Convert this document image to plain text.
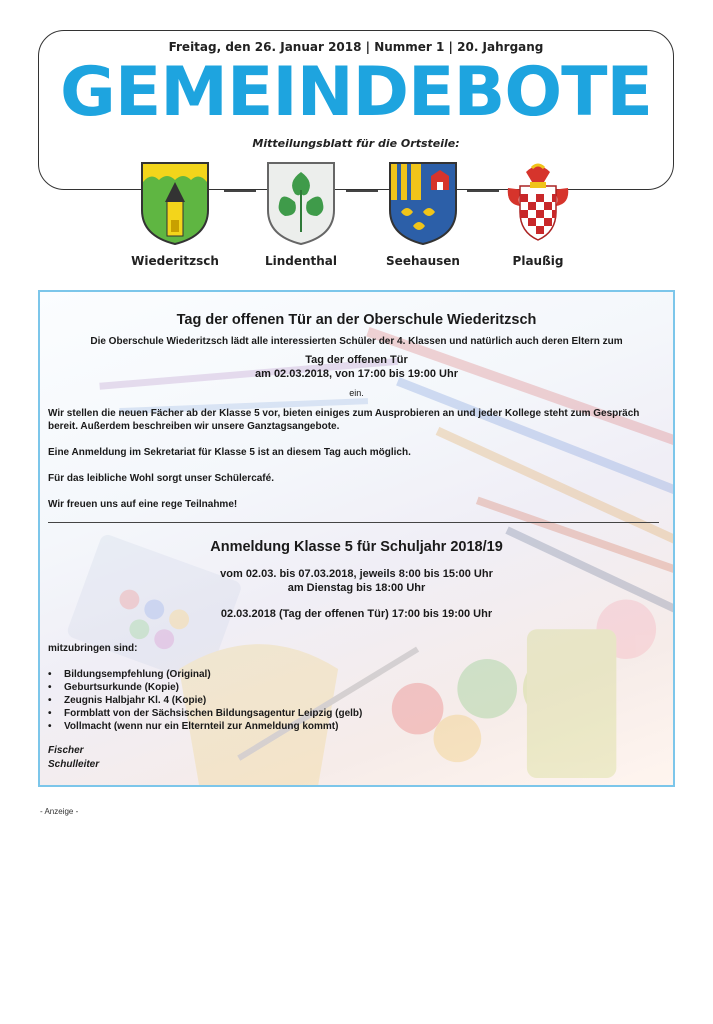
Freitag, den 26. Januar 2018 | Nummer 1 | 20. Jahrgang
GEMEINDEBOTE
Mitteilungsblatt für die Ortsteile:
Wiederitzsch	Lindenthal	Seehausen	Plaußig
Tag der offenen Tür an der Oberschule Wiederitzsch
Die Oberschule Wiederitzsch lädt alle interessierten Schüler der 4. Klassen und natürlich auch deren Eltern zum
Tag der offenen Tür
am 02.03.2018, von 17:00 bis 19:00 Uhr
ein.
Wir stellen die neuen Fächer ab der Klasse 5 vor, bieten einiges zum Ausprobieren an und jeder Kollege steht zum Gespräch bereit. Außerdem beschreiben wir unsere Ganztagsangebote.
Eine Anmeldung im Sekretariat für Klasse 5 ist an diesem Tag auch möglich.
Für das leibliche Wohl sorgt unser Schülercafé.
Wir freuen uns auf eine rege Teilnahme!
Anmeldung Klasse 5 für Schuljahr 2018/19
vom 02.03. bis 07.03.2018, jeweils 8:00 bis 15:00 Uhr
am Dienstag bis 18:00 Uhr
02.03.2018 (Tag der offenen Tür) 17:00 bis 19:00 Uhr
mitzubringen sind:
• Bildungsempfehlung (Original)
• Geburtsurkunde (Kopie)
• Zeugnis Halbjahr Kl. 4 (Kopie)
• Formblatt von der Sächsischen Bildungsagentur Leipzig (gelb)
• Vollmacht (wenn nur ein Elternteil zur Anmeldung kommt)
Fischer
Schulleiter
- Anzeige -
